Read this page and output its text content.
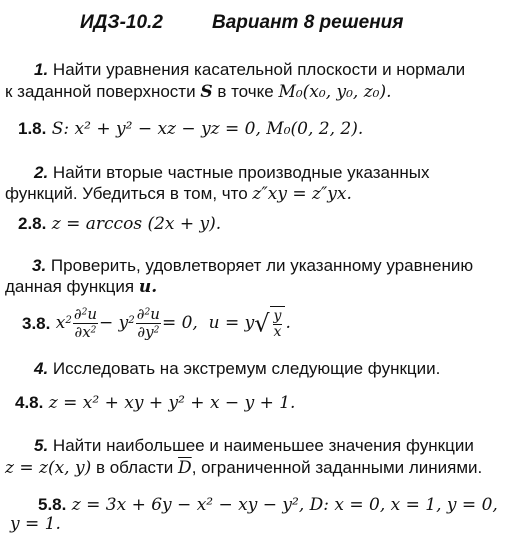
ИДЗ-10.2	Вариант 8 решения
1. Найти уравнения касательной плоскости и нормали
к заданной поверхности S в точке M₀(x₀, y₀, z₀).
1.8. S: x² + y² − xz − yz = 0, M₀(0, 2, 2).
2. Найти вторые частные производные указанных
функций. Убедиться в том, что z″xy = z″yx.
2.8. z = arccos (2x + y).
3. Проверить, удовлетворяет ли указанному уравнению
данная функция u.
3.8. $x^2 \frac{\partial^2u}{\partial x^2} - y^2 \frac{\partial^2u}{\partial y^2} = 0$,  $u = y√ \frac{y}{x}$ .
4. Исследовать на экстремум следующие функции.
4.8. z = x² + xy + y² + x − y + 1.
5. Найти наибольшее и наименьшее значения функции
z = z(x, y) в области $\overline{D}$, ограниченной заданными линиями.
5.8. z = 3x + 6y − x² − xy − y², D: x = 0, x = 1, y = 0,
y = 1.
